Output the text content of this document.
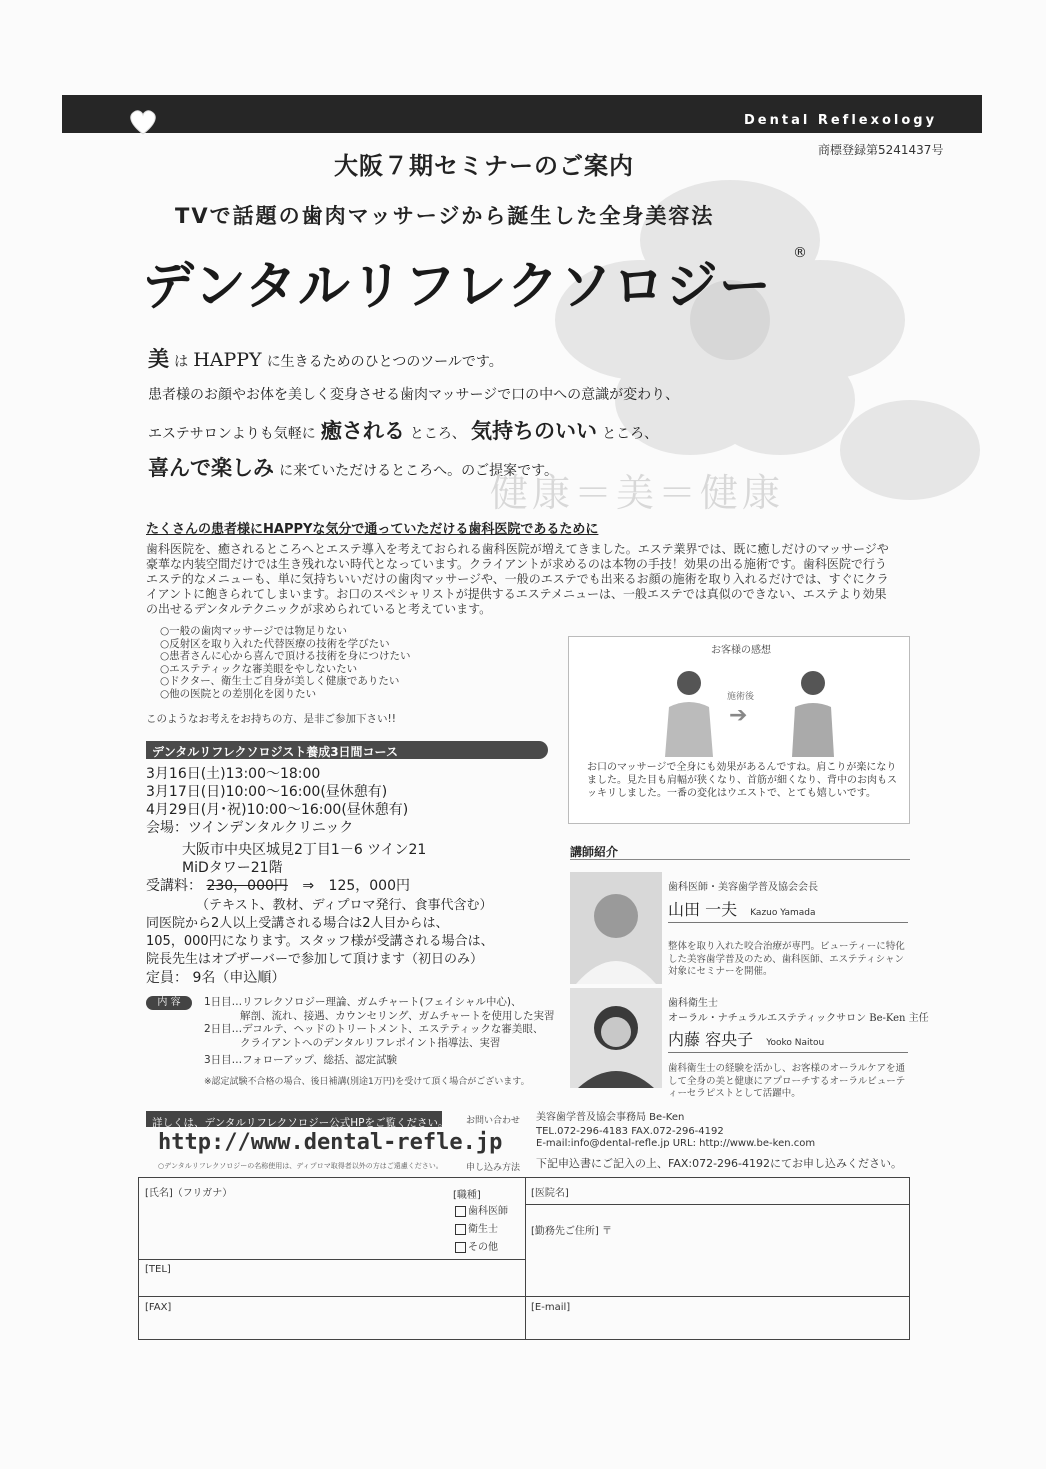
Dental Reflexology
商標登録第5241437号
大阪７期セミナーのご案内
TVで話題の歯肉マッサージから誕生した全身美容法
デンタルリフレクソロジー
®
美 は HAPPY に生きるためのひとつのツールです。
患者様のお顔やお体を美しく変身させる歯肉マッサージで口の中への意識が変わり、
エステサロンよりも気軽に 癒される ところ、 気持ちのいい ところ、
喜んで楽しみ に来ていただけるところへ。のご提案です。
健康＝美＝健康
たくさんの患者様にHAPPYな気分で通っていただける歯科医院であるために
歯科医院を、癒されるところへとエステ導入を考えておられる歯科医院が増えてきました。エステ業界では、既に癒しだけのマッサージや豪華な内装空間だけでは生き残れない時代となっています。クライアントが求めるのは本物の手技！効果の出る施術です。歯科医院で行うエステ的なメニューも、単に気持ちいいだけの歯肉マッサージや、一般のエステでも出来るお顔の施術を取り入れるだけでは、すぐにクライアントに飽きられてしまいます。お口のスペシャリストが提供するエステメニューは、一般エステでは真似のできない、エステより効果の出せるデンタルテクニックが求められていると考えています。
○一般の歯肉マッサージでは物足りない
○反射区を取り入れた代替医療の技術を学びたい
○患者さんに心から喜んで頂ける技術を身につけたい
○エステティックな審美眼をやしないたい
○ドクター、衛生士ご自身が美しく健康でありたい
○他の医院との差別化を図りたい
このようなお考えをお持ちの方、是非ご参加下さい!!
デンタルリフレクソロジスト養成3日間コース
3月16日(土)13:00～18:00
3月17日(日)10:00～16:00(昼休憩有)
4月29日(月･祝)10:00～16:00(昼休憩有)
会場：ツインデンタルクリニック
大阪市中央区城見2丁目1－6 ツイン21
MiDタワー21階
受講料： 230，000円 ⇒ 125，000円
（テキスト、教材、ディプロマ発行、食事代含む）
同医院から2人以上受講される場合は2人目からは、
105，000円になります。スタッフ様が受講される場合は、
院長先生はオブザーバーで参加して頂けます（初日のみ）
定員： 9名（申込順）
内 容	1日目…リフレクソロジー理論、ガムチャート(フェイシャル中心)、
解剖、流れ、接遇、カウンセリング、ガムチャートを使用した実習
2日目…デコルテ、ヘッドのトリートメント、エステティックな審美眼、
クライアントへのデンタルリフレポイント指導法、実習
3日目…フォローアップ、総括、認定試験
※認定試験不合格の場合、後日補講(別途1万円)を受けて頂く場合がございます。
お客様の感想
施術後
➔
お口のマッサージで全身にも効果があるんですね。肩こりが楽になりました。見た目も肩幅が狭くなり、首筋が細くなり、背中のお肉もスッキリしました。一番の変化はウエストで、とても嬉しいです。
講師紹介
歯科医師・美容歯学普及協会会長
山田 一夫 Kazuo Yamada
整体を取り入れた咬合治療が専門。ビューティーに特化した美容歯学普及のため、歯科医師、エステティシャン対象にセミナーを開催。
歯科衛生士
オーラル・ナチュラルエステティックサロン Be-Ken 主任
内藤 容央子 Yooko Naitou
歯科衛生士の経験を活かし、お客様のオーラルケアを通して全身の美と健康にアプローチするオーラルビューティーセラピストとして活躍中。
詳しくは、デンタルリフレクソロジー公式HPをご覧ください。
http://www.dental-refle.jp
○デンタルリフレクソロジーの名称使用は、ディプロマ取得者以外の方はご遠慮ください。
お問い合わせ 美容歯学普及協会事務局 Be-Ken
TEL.072-296-4183 FAX.072-296-4192
E-mail:info@dental-refle.jp URL: http://www.be-ken.com
申し込み方法 下記申込書にご記入の上、FAX:072-296-4192にてお申し込みください。
[氏名]（フリガナ）	[職種]
歯科医師
衛生士
その他
[医院名]
[勤務先ご住所] 〒
[TEL]
[FAX]	[E-mail]
